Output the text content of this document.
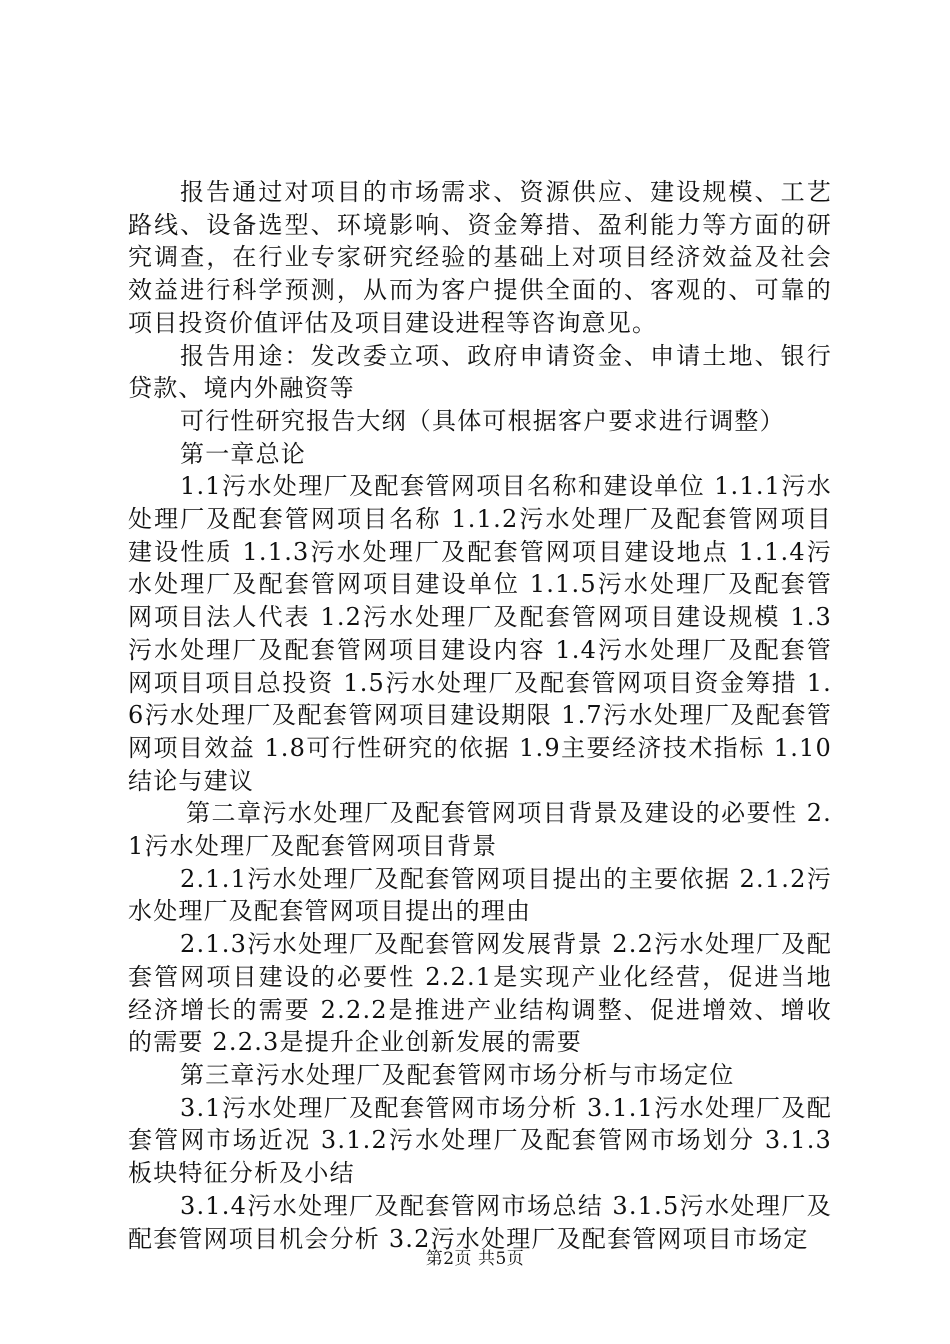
报告通过对项目的市场需求、资源供应、建设规模、工艺路线、设备选型、环境影响、资金筹措、盈利能力等方面的研究调查，在行业专家研究经验的基础上对项目经济效益及社会效益进行科学预测，从而为客户提供全面的、客观的、可靠的项目投资价值评估及项目建设进程等咨询意见。

报告用途：发改委立项、政府申请资金、申请土地、银行贷款、境内外融资等

可行性研究报告大纲（具体可根据客户要求进行调整）

第一章总论

1.1污水处理厂及配套管网项目名称和建设单位 1.1.1污水处理厂及配套管网项目名称 1.1.2污水处理厂及配套管网项目建设性质 1.1.3污水处理厂及配套管网项目建设地点 1.1.4污水处理厂及配套管网项目建设单位 1.1.5污水处理厂及配套管网项目法人代表 1.2污水处理厂及配套管网项目建设规模 1.3污水处理厂及配套管网项目建设内容 1.4污水处理厂及配套管网项目项目总投资 1.5污水处理厂及配套管网项目资金筹措 1.6污水处理厂及配套管网项目建设期限 1.7污水处理厂及配套管网项目效益 1.8可行性研究的依据 1.9主要经济技术指标 1.10结论与建议

第二章污水处理厂及配套管网项目背景及建设的必要性 2.1污水处理厂及配套管网项目背景

2.1.1污水处理厂及配套管网项目提出的主要依据 2.1.2污水处理厂及配套管网项目提出的理由

2.1.3污水处理厂及配套管网发展背景 2.2污水处理厂及配套管网项目建设的必要性 2.2.1是实现产业化经营，促进当地经济增长的需要 2.2.2是推进产业结构调整、促进增效、增收的需要 2.2.3是提升企业创新发展的需要

第三章污水处理厂及配套管网市场分析与市场定位

3.1污水处理厂及配套管网市场分析 3.1.1污水处理厂及配套管网市场近况 3.1.2污水处理厂及配套管网市场划分 3.1.3板块特征分析及小结

3.1.4污水处理厂及配套管网市场总结 3.1.5污水处理厂及配套管网项目机会分析 3.2污水处理厂及配套管网项目市场定

第2页 共5页
